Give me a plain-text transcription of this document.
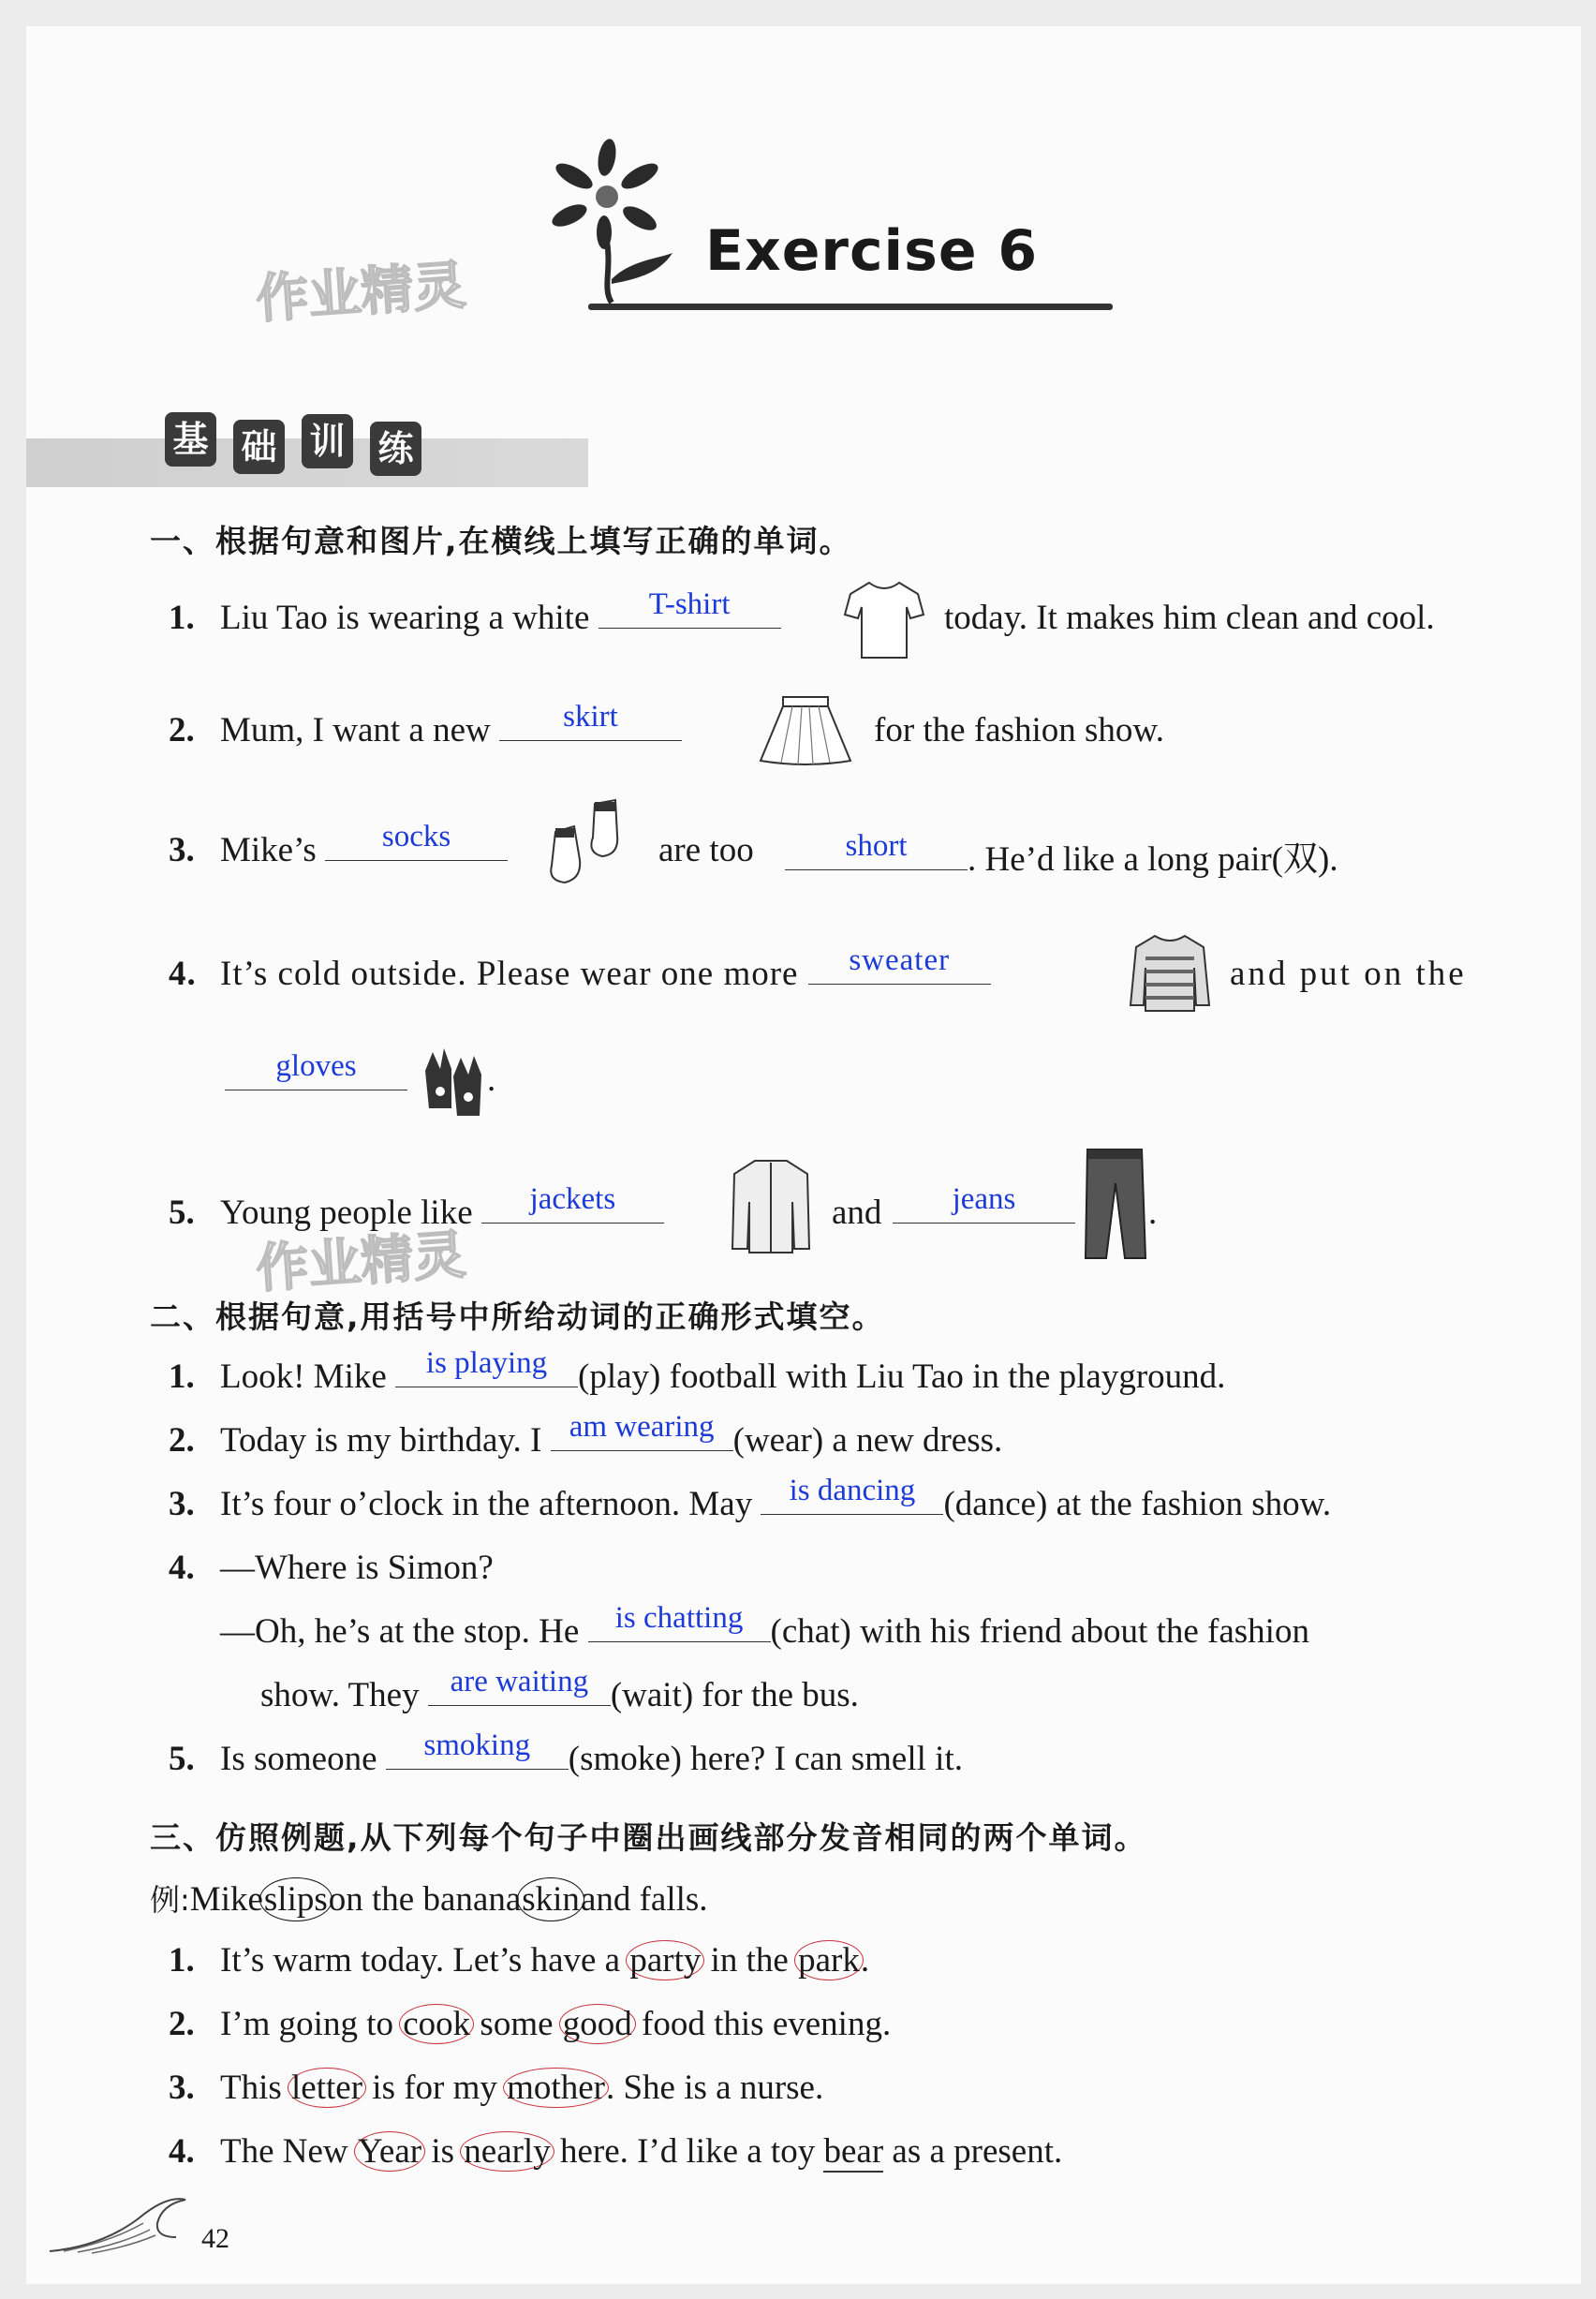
Exercise 6
作业精灵
作业精灵
基 础 训 练
一、根据句意和图片,在横线上填写正确的单词。
1. Liu Tao is wearing a white	T-shirt	today. It makes him clean and cool.
2. Mum, I want a new	skirt	for the fashion show.
3. Mike’s	socks	are too	short	. He’d like a long pair(双).
4. It’s cold outside. Please wear one more	sweater	and put on the
gloves	.
5. Young people like	jackets	and	jeans	.
二、根据句意,用括号中所给动词的正确形式填空。
1. Look! Mike	is playing (play) football with Liu Tao in the playground.
2. Today is my birthday. I am wearing (wear) a new dress.
3. It’s four o’clock in the afternoon. May	is dancing (dance) at the fashion show.
4. —Where is Simon?
—Oh, he’s at the stop. He	is chatting (chat) with his friend about the fashion
show. They are waiting (wait) for the bus.
5. Is someone	smoking	(smoke) here? I can smell it.
三、仿照例题,从下列每个句子中圈出画线部分发音相同的两个单词。
例:Mikeslipson the bananaskinand falls.
1. It’s warm today. Let’s have a party in the park.
2. I’m going to cook some good food this evening.
3. This letter is for my mother. She is a nurse.
4. The New Year is nearly here. I’d like a toy bear as a present.
42
